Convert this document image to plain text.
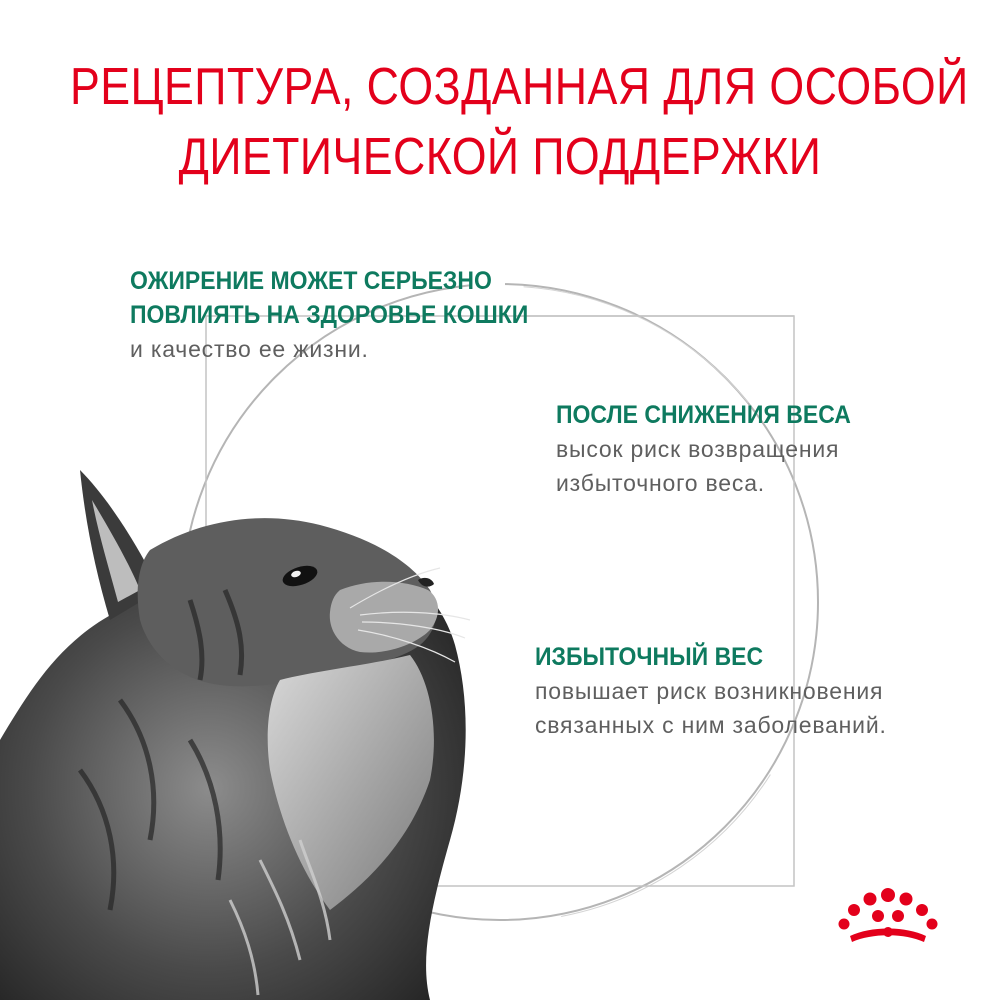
РЕЦЕПТУРА, СОЗДАННАЯ ДЛЯ ОСОБОЙ
ДИЕТИЧЕСКОЙ ПОДДЕРЖКИ
ОЖИРЕНИЕ МОЖЕТ СЕРЬЕЗНО
ПОВЛИЯТЬ НА ЗДОРОВЬЕ КОШКИ
и качество ее жизни.
ПОСЛЕ СНИЖЕНИЯ ВЕСА
высок риск возвращения
избыточного веса.
ИЗБЫТОЧНЫЙ ВЕС
повышает риск возникновения
связанных с ним заболеваний.
